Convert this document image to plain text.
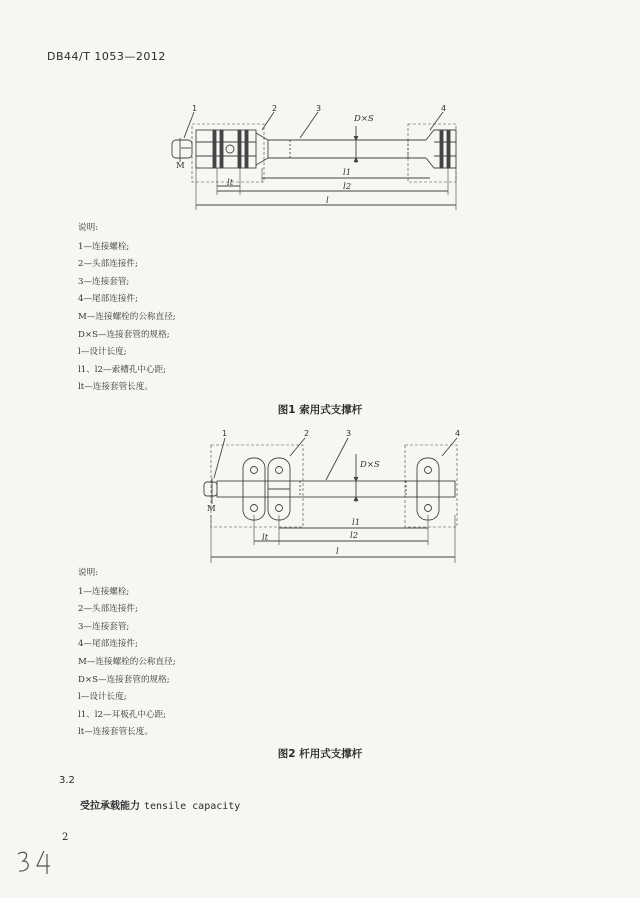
DB44/T 1053—2012
1	2	3	4
D×S
M
lt
l1
l2
l
说明:
1—连接螺栓;
2—头部连接件;
3—连接套管;
4—尾部连接件;
M—连接螺栓的公称直径;
D×S—连接套管的规格;
l—设计长度;
l1、l2—索槽孔中心距;
lt—连接套管长度。
图1 索用式支撑杆
1	2	3	4
D×S
M
lt
l1
l2
l
说明:
1—连接螺栓;
2—头部连接件;
3—连接套管;
4—尾部连接件;
M—连接螺栓的公称直径;
D×S—连接套管的规格;
l—设计长度;
l1、l2—耳板孔中心距;
lt—连接套管长度。
图2 杆用式支撑杆
3.2
受拉承载能力 tensile capacity
2
